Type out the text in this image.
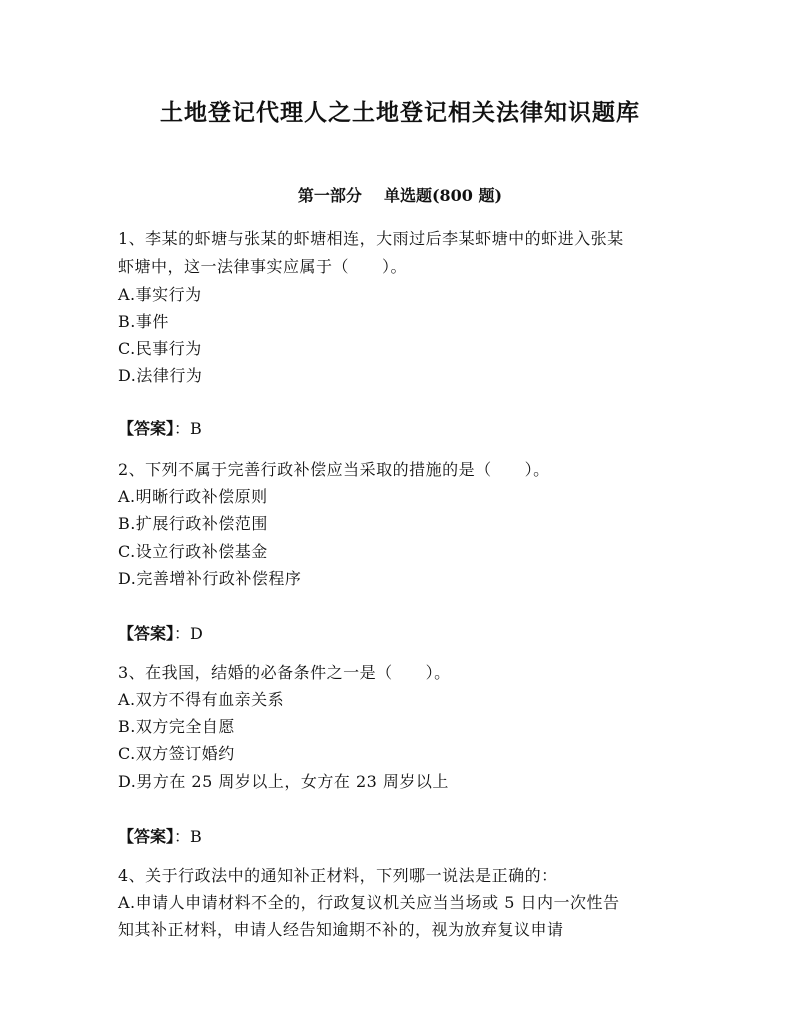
土地登记代理人之土地登记相关法律知识题库
第一部分 单选题(800 题)
1、李某的虾塘与张某的虾塘相连，大雨过后李某虾塘中的虾进入张某
虾塘中，这一法律事实应属于（　　）。
A.事实行为
B.事件
C.民事行为
D.法律行为
【答案】：B
2、下列不属于完善行政补偿应当采取的措施的是（　　）。
A.明晰行政补偿原则
B.扩展行政补偿范围
C.设立行政补偿基金
D.完善增补行政补偿程序
【答案】：D
3、在我国，结婚的必备条件之一是（　　）。
A.双方不得有血亲关系
B.双方完全自愿
C.双方签订婚约
D.男方在 25 周岁以上，女方在 23 周岁以上
【答案】：B
4、关于行政法中的通知补正材料，下列哪一说法是正确的：
A.申请人申请材料不全的，行政复议机关应当当场或 5 日内一次性告
知其补正材料，申请人经告知逾期不补的，视为放弃复议申请
